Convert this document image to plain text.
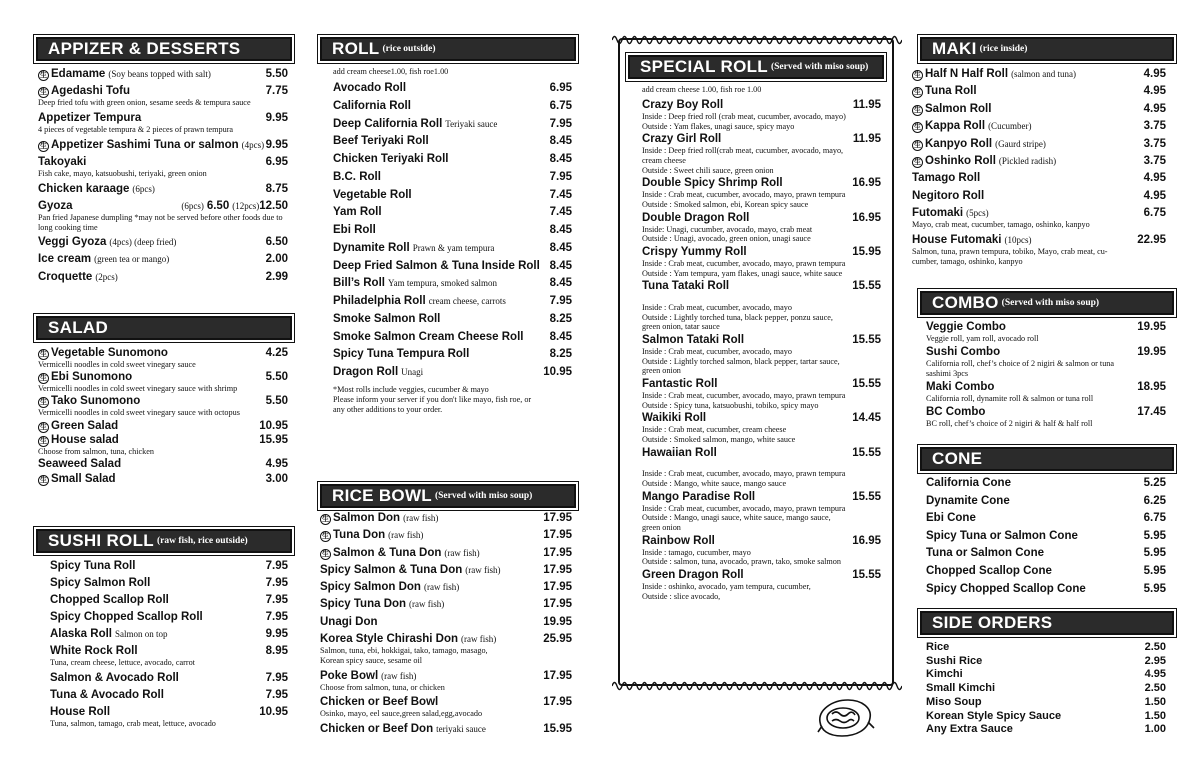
APPIZER & DESSERTS
生 Edamame (Soy beans topped with salt)	5.50
生 Agedashi Tofu	7.75
Deep fried tofu with green onion, sesame seeds & tempura sauce
Appetizer Tempura	9.95
4 pieces of vegetable tempura & 2 pieces of prawn tempura
生 Appetizer Sashimi Tuna or salmon (4pcs) 9.95
Takoyaki	6.95
Fish cake, mayo, katsuobushi, teriyaki, green onion
Chicken karaage (6pcs)	8.75
Gyoza	(6pcs) 6.50 (12pcs) 12.50
Pan fried Japanese dumpling *may not be served before other foods due to long cooking time
Veggi Gyoza (4pcs) (deep fried)	6.50
Ice cream (green tea or mango)	2.00
Croquette (2pcs)	2.99
SALAD
生 Vegetable Sunomono	4.25
Vermicelli noodles in cold sweet vinegary sauce
生 Ebi Sunomono	5.50
Vermicelli noodles in cold sweet vinegary sauce with shrimp
生 Tako Sunomono	5.50
Vermicelli noodles in cold sweet vinegary sauce with octopus
生 Green Salad	10.95
生 House salad	15.95
Choose from salmon, tuna, chicken
Seaweed Salad	4.95
生 Small Salad	3.00
SUSHI ROLL (raw fish, rice outside)
Spicy Tuna Roll	7.95
Spicy Salmon Roll	7.95
Chopped Scallop Roll	7.95
Spicy Chopped Scallop Roll	7.95
Alaska Roll Salmon on top	9.95
White Rock Roll	8.95
Tuna, cream cheese, lettuce, avocado, carrot
Salmon & Avocado Roll	7.95
Tuna & Avocado Roll	7.95
House Roll	10.95
Tuna, salmon, tamago, crab meat, lettuce, avocado
ROLL (rice outside)
add cream cheese1.00, fish roe1.00
Avocado Roll	6.95
California Roll	6.75
Deep California Roll Teriyaki sauce	7.95
Beef Teriyaki Roll	8.45
Chicken Teriyaki Roll	8.45
B.C. Roll	7.95
Vegetable Roll	7.45
Yam Roll	7.45
Ebi Roll	8.45
Dynamite Roll Prawn & yam tempura	8.45
Deep Fried Salmon & Tuna Inside Roll 8.45
Bill’s Roll Yam tempura, smoked salmon	8.45
Philadelphia Roll cream cheese, carrots	7.95
Smoke Salmon Roll	8.25
Smoke Salmon Cream Cheese Roll 8.45
Spicy Tuna Tempura Roll	8.25
Dragon Roll Unagi	10.95
*Most rolls include veggies, cucumber & mayo
Please inform your server if you don't like mayo, fish roe, or
any other additions to your order.
RICE BOWL (Served with miso soup)
生 Salmon Don (raw fish)	17.95
生 Tuna Don (raw fish)	17.95
生 Salmon & Tuna Don (raw fish)	17.95
Spicy Salmon & Tuna Don (raw fish)	17.95
Spicy Salmon Don (raw fish)	17.95
Spicy Tuna Don (raw fish)	17.95
Unagi Don	19.95
Korea Style Chirashi Don (raw fish)	25.95
Salmon, tuna, ebi, hokkigai, tako, tamago, masago,
Korean spicy sauce, sesame oil
Poke Bowl (raw fish)	17.95
Choose from salmon, tuna, or chicken
Chicken or Beef Bowl	17.95
Osinko, mayo, eel sauce,green salad,egg,avocado
Chicken or Beef Don teriyaki sauce	15.95
SPECIAL ROLL (Served with miso soup)
add cream cheese 1.00, fish roe 1.00
Crazy Boy Roll	11.95
Inside : Deep fried roll (crab meat, cucumber, avocado, mayo)
Outside : Yam flakes, unagi sauce, spicy mayo
Crazy Girl Roll	11.95
Inside : Deep fried roll(crab meat, cucumber, avocado, mayo,
cream cheese
Outside : Sweet chili sauce, green onion
Double Spicy Shrimp Roll	16.95
Inside : Crab meat, cucumber, avocado, mayo, prawn tempura
Outside : Smoked salmon, ebi, Korean spicy sauce
Double Dragon Roll	16.95
Inside: Unagi, cucumber, avocado, mayo, crab meat
Outside : Unagi, avocado, green onion, unagi sauce
Crispy Yummy Roll	15.95
Inside : Crab meat, cucumber, avocado, mayo, prawn tempura
Outside : Yam tempura, yam flakes, unagi sauce, white sauce
Tuna Tataki Roll	15.55

Inside : Crab meat, cucumber, avocado, mayo
Outside : Lightly torched tuna, black pepper, ponzu sauce,
green onion, tatar sauce
Salmon Tataki Roll	15.55
Inside : Crab meat, cucumber, avocado, mayo
Outside : Lightly torched salmon, black pepper, tartar sauce,
green onion
Fantastic Roll	15.55
Inside : Crab meat, cucumber, avocado, mayo, prawn tempura
Outside : Spicy tuna, katsuobushi, tobiko, spicy mayo
Waikiki Roll	14.45
Inside : Crab meat, cucumber, cream cheese
Outside : Smoked salmon, mango, white sauce
Hawaiian Roll	15.55

Inside : Crab meat, cucumber, avocado, mayo, prawn tempura
Outside : Mango, white sauce, mango sauce
Mango Paradise Roll	15.55
Inside : Crab meat, cucumber, avocado, mayo, prawn tempura
Outside : Mango, unagi sauce, white sauce, mango sauce,
green onion
Rainbow Roll	16.95
Inside : tamago, cucumber, mayo
Outside : salmon, tuna, avocado, prawn, tako, smoke salmon
Green Dragon Roll	15.55
Inside : oshinko, avocado, yam tempura, cucumber,
Outside : slice avocado,
MAKI (rice inside)
生 Half N Half Roll (salmon and tuna)	4.95
生 Tuna Roll	4.95
生 Salmon Roll	4.95
生 Kappa Roll (Cucumber)	3.75
生 Kanpyo Roll (Gaurd stripe)	3.75
生 Oshinko Roll (Pickled radish)	3.75
Tamago Roll	4.95
Negitoro Roll	4.95
Futomaki (5pcs)	6.75
Mayo, crab meat, cucumber, tamago, oshinko, kanpyo
House Futomaki (10pcs)	22.95
Salmon, tuna, prawn tempura, tobiko, Mayo, crab meat, cu-
cumber, tamago, oshinko, kanpyo
COMBO (Served with miso soup)
Veggie Combo	19.95
Veggie roll, yam roll, avocado roll
Sushi Combo	19.95
California roll, chef’s choice of 2 nigiri & salmon or tuna
sashimi 3pcs
Maki Combo	18.95
California roll, dynamite roll & salmon or tuna roll
BC Combo	17.45
BC roll, chef’s choice of 2 nigiri & half & half roll
CONE
California Cone	5.25
Dynamite Cone	6.25
Ebi Cone	6.75
Spicy Tuna or Salmon Cone	5.95
Tuna or Salmon Cone	5.95
Chopped Scallop Cone	5.95
Spicy Chopped Scallop Cone	5.95
SIDE ORDERS
Rice	2.50
Sushi Rice	2.95
Kimchi	4.95
Small Kimchi	2.50
Miso Soup	1.50
Korean Style Spicy Sauce	1.50
Any Extra Sauce	1.00
